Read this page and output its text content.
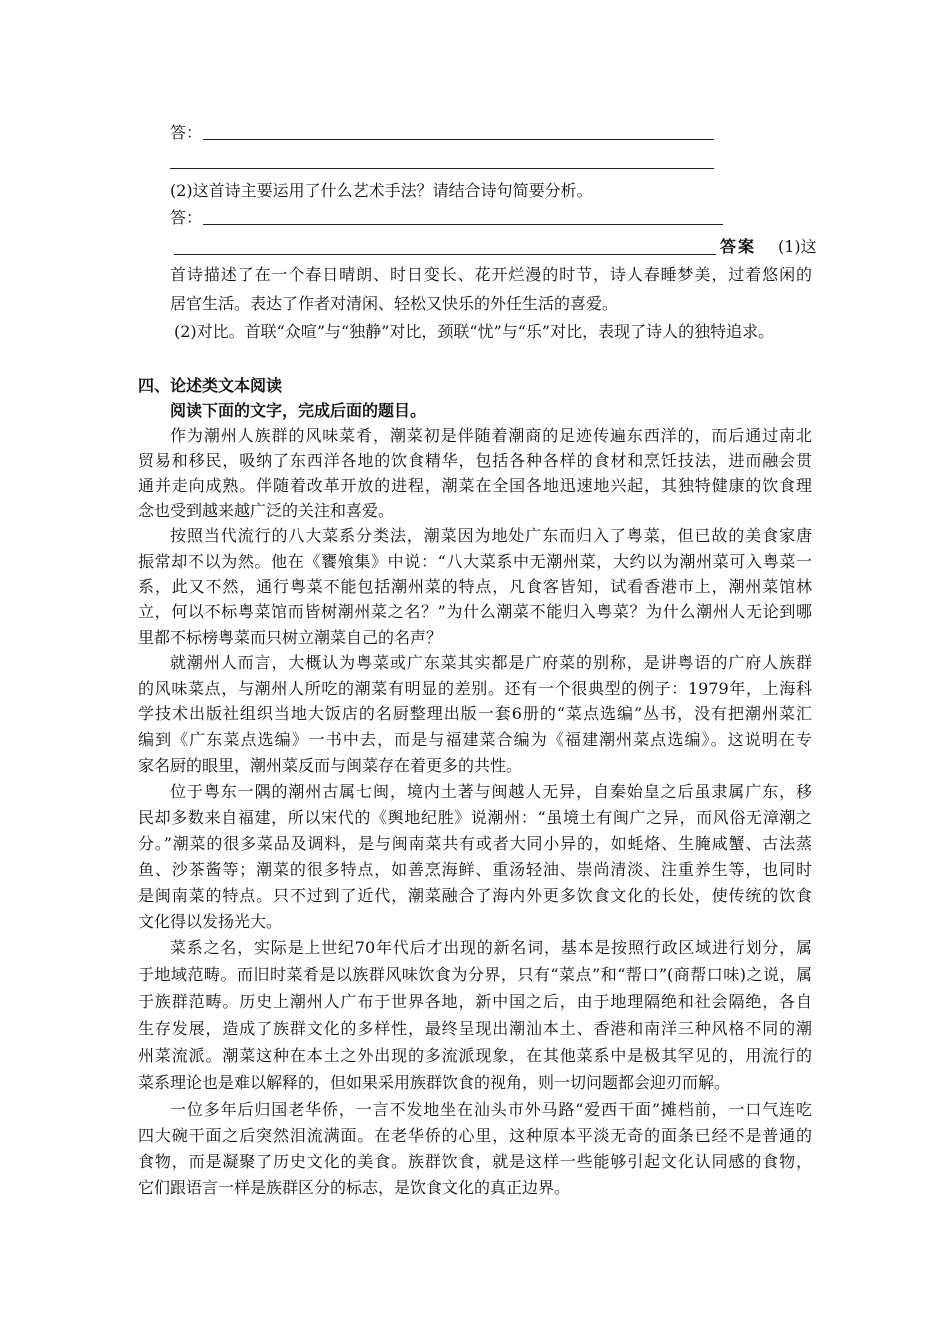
答：
(2)这首诗主要运用了什么艺术手法？请结合诗句简要分析。
答：
答案 (1)这
首诗描述了在一个春日晴朗、时日变长、花开烂漫的时节，诗人春睡梦美，过着悠闲的
居官生活。表达了作者对清闲、轻松又快乐的外任生活的喜爱。
(2)对比。首联“众喧”与“独静”对比，颈联“忧”与“乐”对比，表现了诗人的独特追求。
四、论述类文本阅读
阅读下面的文字，完成后面的题目。
作为潮州人族群的风味菜肴，潮菜初是伴随着潮商的足迹传遍东西洋的，而后通过南北
贸易和移民，吸纳了东西洋各地的饮食精华，包括各种各样的食材和烹饪技法，进而融会贯
通并走向成熟。伴随着改革开放的进程，潮菜在全国各地迅速地兴起，其独特健康的饮食理
念也受到越来越广泛的关注和喜爱。
按照当代流行的八大菜系分类法，潮菜因为地处广东而归入了粤菜，但已故的美食家唐
振常却不以为然。他在《饔飧集》中说：“八大菜系中无潮州菜，大约以为潮州菜可入粤菜一
系，此又不然，通行粤菜不能包括潮州菜的特点，凡食客皆知，试看香港市上，潮州菜馆林
立，何以不标粤菜馆而皆树潮州菜之名？”为什么潮菜不能归入粤菜？为什么潮州人无论到哪
里都不标榜粤菜而只树立潮菜自己的名声？
就潮州人而言，大概认为粤菜或广东菜其实都是广府菜的别称，是讲粤语的广府人族群
的风味菜点，与潮州人所吃的潮菜有明显的差别。还有一个很典型的例子：1979年，上海科
学技术出版社组织当地大饭店的名厨整理出版一套6册的“菜点选编”丛书，没有把潮州菜汇
编到《广东菜点选编》一书中去，而是与福建菜合编为《福建潮州菜点选编》。这说明在专
家名厨的眼里，潮州菜反而与闽菜存在着更多的共性。
位于粤东一隅的潮州古属七闽，境内土著与闽越人无异，自秦始皇之后虽隶属广东，移
民却多数来自福建，所以宋代的《舆地纪胜》说潮州：“虽境土有闽广之异，而风俗无漳潮之
分。”潮菜的很多菜品及调料，是与闽南菜共有或者大同小异的，如蚝烙、生腌咸蟹、古法蒸
鱼、沙茶酱等；潮菜的很多特点，如善烹海鲜、重汤轻油、崇尚清淡、注重养生等，也同时
是闽南菜的特点。只不过到了近代，潮菜融合了海内外更多饮食文化的长处，使传统的饮食
文化得以发扬光大。
菜系之名，实际是上世纪70年代后才出现的新名词，基本是按照行政区域进行划分，属
于地域范畴。而旧时菜肴是以族群风味饮食为分界，只有“菜点”和“帮口”(商帮口味)之说，属
于族群范畴。历史上潮州人广布于世界各地，新中国之后，由于地理隔绝和社会隔绝，各自
生存发展，造成了族群文化的多样性，最终呈现出潮汕本土、香港和南洋三种风格不同的潮
州菜流派。潮菜这种在本土之外出现的多流派现象，在其他菜系中是极其罕见的，用流行的
菜系理论也是难以解释的，但如果采用族群饮食的视角，则一切问题都会迎刃而解。
一位多年后归国老华侨，一言不发地坐在汕头市外马路“爱西干面”摊档前，一口气连吃
四大碗干面之后突然泪流满面。在老华侨的心里，这种原本平淡无奇的面条已经不是普通的
食物，而是凝聚了历史文化的美食。族群饮食，就是这样一些能够引起文化认同感的食物，
它们跟语言一样是族群区分的标志，是饮食文化的真正边界。
